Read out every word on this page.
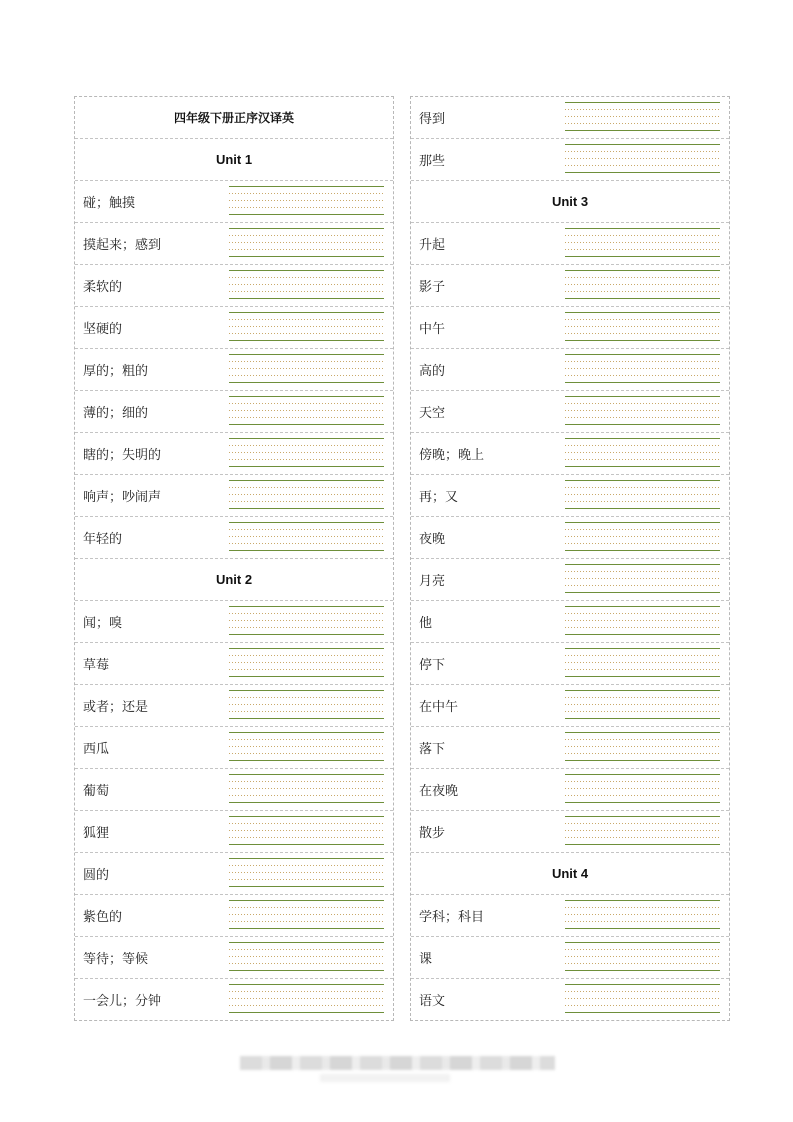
四年级下册正序汉译英
Unit 1
碰；触摸
摸起来；感到
柔软的
坚硬的
厚的；粗的
薄的；细的
瞎的；失明的
响声；吵闹声
年轻的
Unit 2
闻；嗅
草莓
或者；还是
西瓜
葡萄
狐狸
圆的
紫色的
等待；等候
一会儿；分钟
得到
那些
Unit 3
升起
影子
中午
高的
天空
傍晚；晚上
再；又
夜晚
月亮
他
停下
在中午
落下
在夜晚
散步
Unit 4
学科；科目
课
语文
